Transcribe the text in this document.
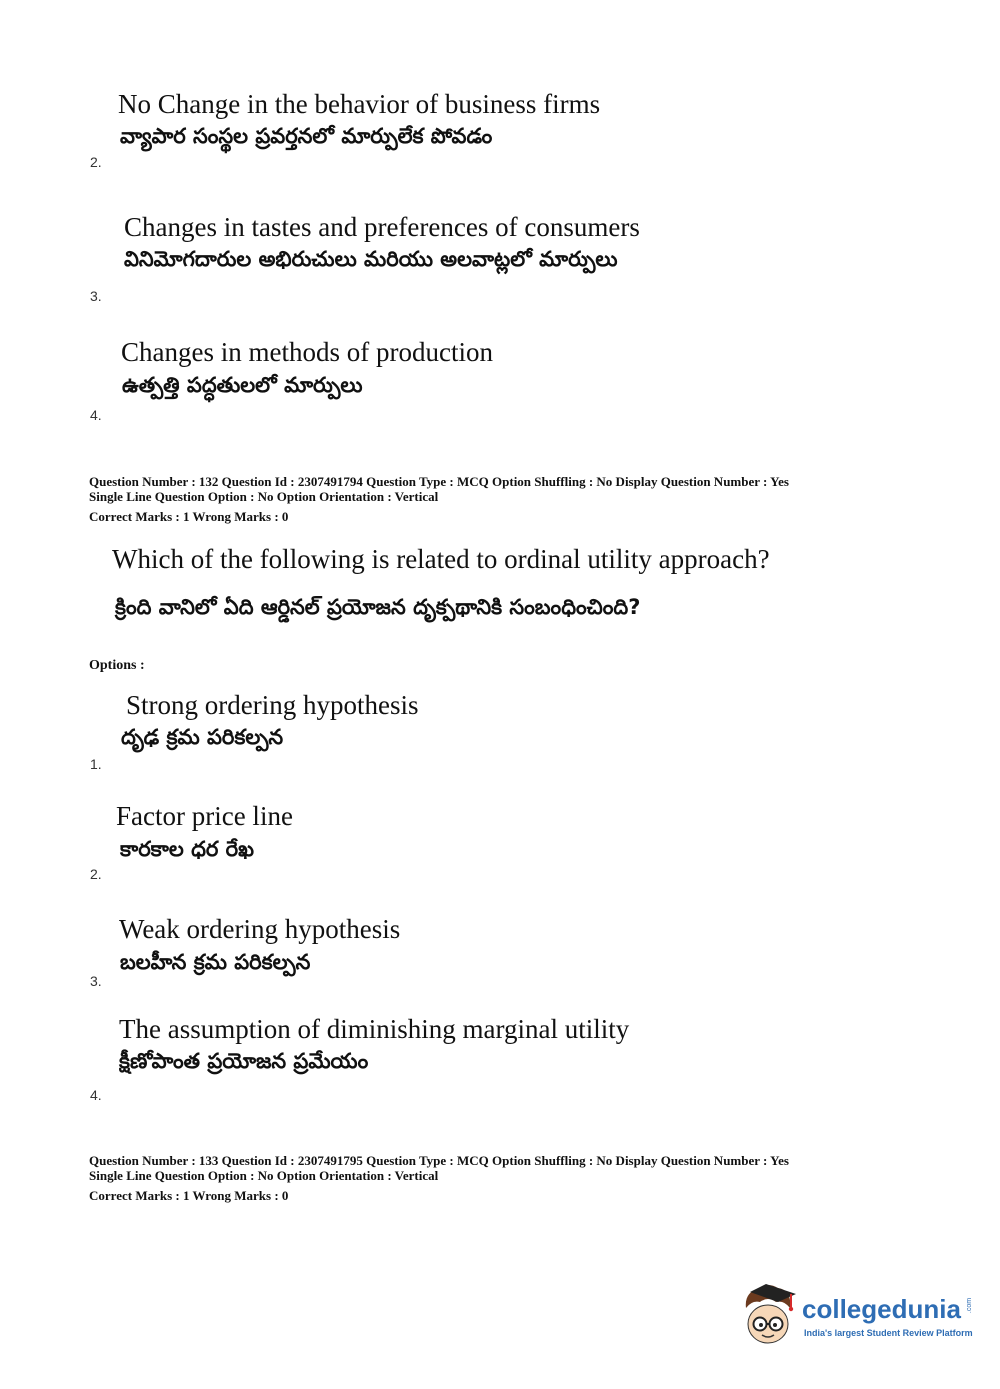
No Change in the behavior of business firms
వ్యాపార సంస్థల ప్రవర్తనలో మార్పులేక పోవడం
2.
Changes in tastes and preferences of consumers
వినిమోగదారుల అభిరుచులు మరియు అలవాట్లలో మార్పులు
3.
Changes in methods of production
ఉత్పత్తి పద్ధతులలో మార్పులు
4.
Question Number : 132 Question Id : 2307491794 Question Type : MCQ Option Shuffling : No Display Question Number : Yes
Single Line Question Option : No Option Orientation : Vertical
Correct Marks : 1 Wrong Marks : 0
Which of the following is related to ordinal utility approach?
క్రింది వానిలో ఏది ఆర్డినల్ ప్రయోజన దృక్పథానికి సంబంధించింది?
Options :
Strong ordering hypothesis
దృఢ క్రమ పరికల్పన
1.
Factor price line
కారకాల ధర రేఖ
2.
Weak ordering hypothesis
బలహీన క్రమ పరికల్పన
3.
The assumption of diminishing marginal utility
క్షీణోపాంత ప్రయోజన ప్రమేయం
4.
Question Number : 133 Question Id : 2307491795 Question Type : MCQ Option Shuffling : No Display Question Number : Yes
Single Line Question Option : No Option Orientation : Vertical
Correct Marks : 1 Wrong Marks : 0
collegedunia .com
India's largest Student Review Platform
